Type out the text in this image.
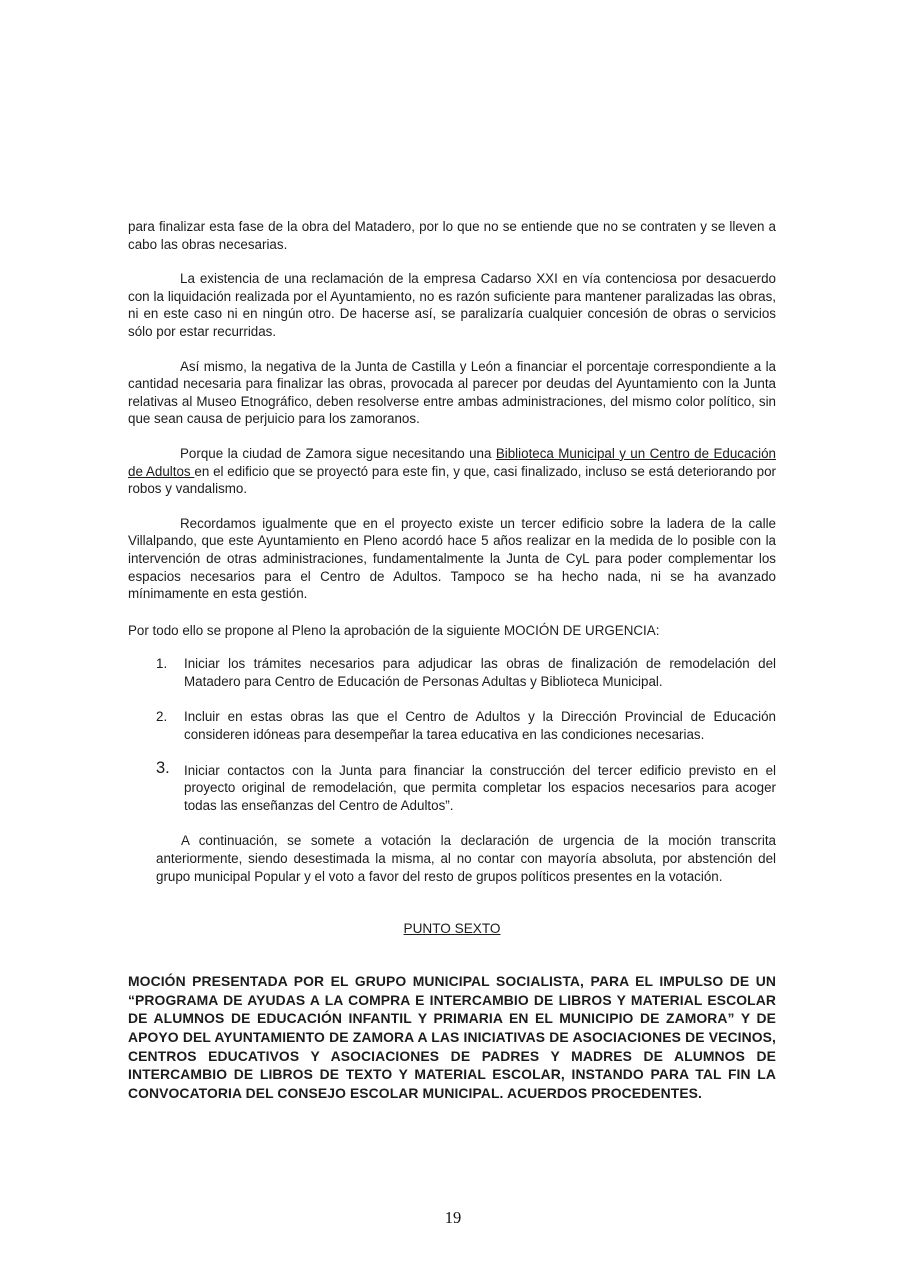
para finalizar esta fase de la obra del Matadero, por lo que no se entiende que no se contraten y se lleven a cabo las obras necesarias.

La existencia de una reclamación de la empresa Cadarso XXI en vía contenciosa por desacuerdo con la liquidación realizada por el Ayuntamiento, no es razón suficiente para mantener paralizadas las obras, ni en este caso ni en ningún otro. De hacerse así, se paralizaría cualquier concesión de obras o servicios sólo por estar recurridas.

Así mismo, la negativa de la Junta de Castilla y León a financiar el porcentaje correspondiente a la cantidad necesaria para finalizar las obras, provocada al parecer por deudas del Ayuntamiento con la Junta relativas al Museo Etnográfico, deben resolverse entre ambas administraciones, del mismo color político, sin que sean causa de perjuicio para los zamoranos.

Porque la ciudad de Zamora sigue necesitando una Biblioteca Municipal y un Centro de Educación de Adultos en el edificio que se proyectó para este fin, y que, casi finalizado, incluso se está deteriorando por robos y vandalismo.

Recordamos igualmente que en el proyecto existe un tercer edificio sobre la ladera de la calle Villalpando, que este Ayuntamiento en Pleno acordó hace 5 años realizar en la medida de lo posible con la intervención de otras administraciones, fundamentalmente la Junta de CyL para poder complementar los espacios necesarios para el Centro de Adultos. Tampoco se ha hecho nada, ni se ha avanzado mínimamente en esta gestión.

Por todo ello se propone al Pleno la aprobación de la siguiente MOCIÓN DE URGENCIA:

1. Iniciar los trámites necesarios para adjudicar las obras de finalización de remodelación del Matadero para Centro de Educación de Personas Adultas y Biblioteca Municipal.
2. Incluir en estas obras las que el Centro de Adultos y la Dirección Provincial de Educación consideren idóneas para desempeñar la tarea educativa en las condiciones necesarias.
3. Iniciar contactos con la Junta para financiar la construcción del tercer edificio previsto en el proyecto original de remodelación, que permita completar los espacios necesarios para acoger todas las enseñanzas del Centro de Adultos”.

A continuación, se somete a votación la declaración de urgencia de la moción transcrita anteriormente, siendo desestimada la misma, al no contar con mayoría absoluta, por abstención del grupo municipal Popular y el voto a favor del resto de grupos políticos presentes en la votación.

PUNTO SEXTO

MOCIÓN PRESENTADA POR EL GRUPO MUNICIPAL SOCIALISTA, PARA EL IMPULSO DE UN “PROGRAMA DE AYUDAS A LA COMPRA E INTERCAMBIO DE LIBROS Y MATERIAL ESCOLAR DE ALUMNOS DE EDUCACIÓN INFANTIL Y PRIMARIA EN EL MUNICIPIO DE ZAMORA” Y DE APOYO DEL AYUNTAMIENTO DE ZAMORA A LAS INICIATIVAS DE ASOCIACIONES DE VECINOS, CENTROS EDUCATIVOS Y ASOCIACIONES DE PADRES Y MADRES DE ALUMNOS DE INTERCAMBIO DE LIBROS DE TEXTO Y MATERIAL ESCOLAR, INSTANDO PARA TAL FIN LA CONVOCATORIA DEL CONSEJO ESCOLAR MUNICIPAL. ACUERDOS PROCEDENTES.

19
